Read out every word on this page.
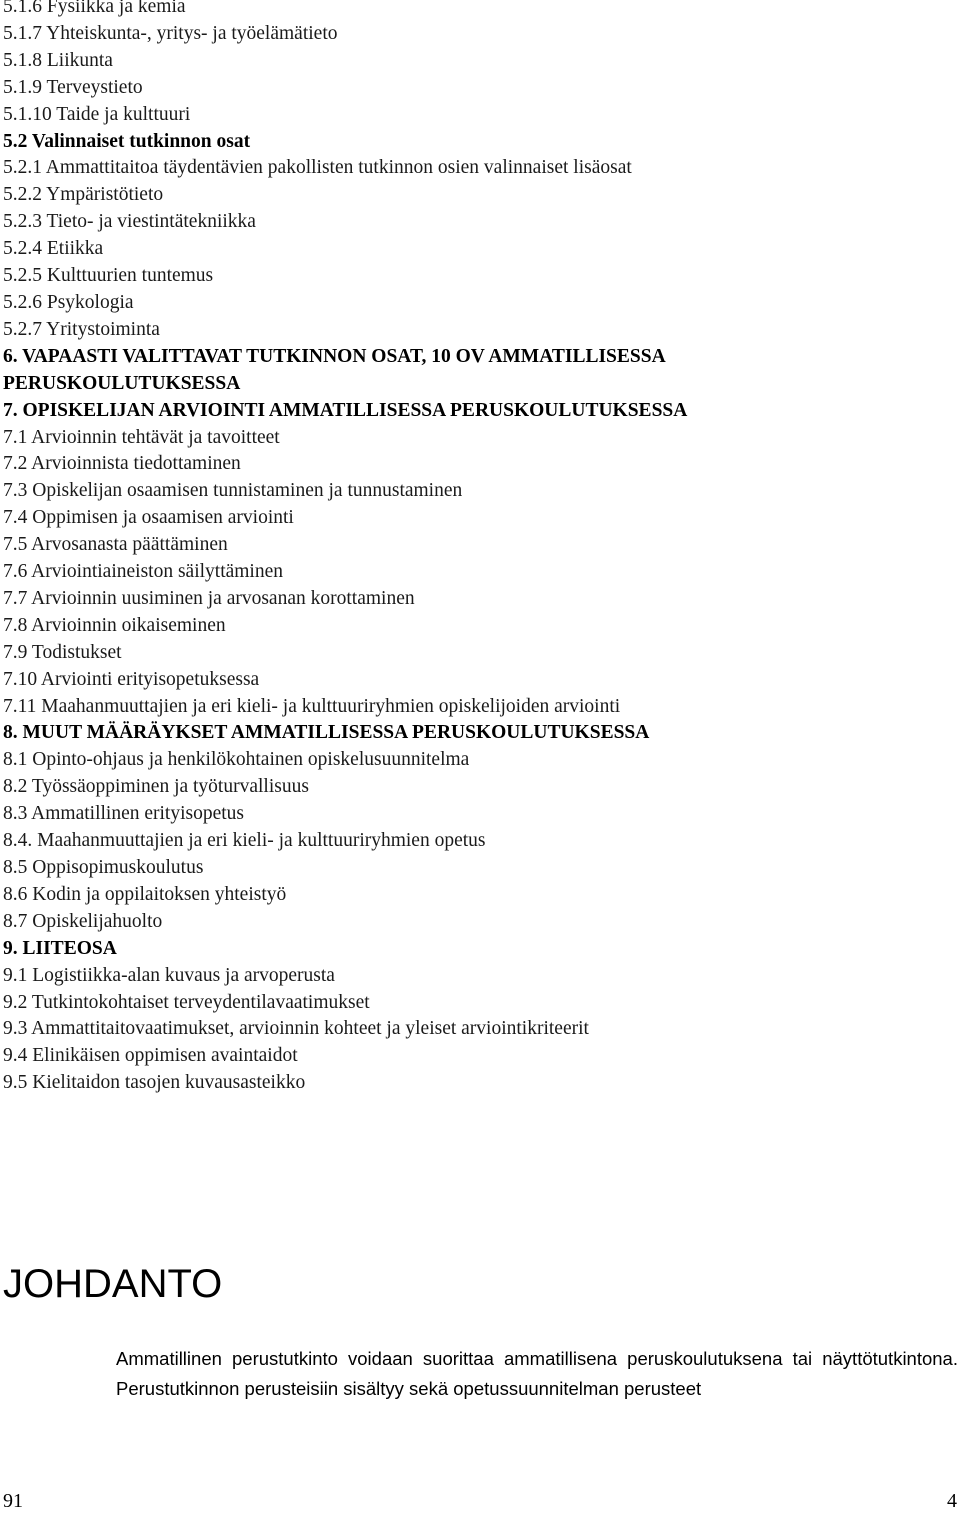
5.1.6 Fysiikka ja kemia
5.1.7 Yhteiskunta-, yritys- ja työelämätieto
5.1.8 Liikunta
5.1.9 Terveystieto
5.1.10 Taide ja kulttuuri
5.2 Valinnaiset tutkinnon osat
5.2.1 Ammattitaitoa täydentävien pakollisten tutkinnon osien valinnaiset lisäosat
5.2.2 Ympäristötieto
5.2.3 Tieto- ja viestintätekniikka
5.2.4 Etiikka
5.2.5 Kulttuurien tuntemus
5.2.6 Psykologia
5.2.7 Yritystoiminta
6. VAPAASTI VALITTAVAT TUTKINNON OSAT, 10 OV AMMATILLISESSA PERUSKOULUTUKSESSA
7. OPISKELIJAN ARVIOINTI AMMATILLISESSA PERUSKOULUTUKSESSA
7.1 Arvioinnin tehtävät ja tavoitteet
7.2 Arvioinnista tiedottaminen
7.3 Opiskelijan osaamisen tunnistaminen ja tunnustaminen
7.4 Oppimisen ja osaamisen arviointi
7.5 Arvosanasta päättäminen
7.6 Arviointiaineiston säilyttäminen
7.7 Arvioinnin uusiminen ja arvosanan korottaminen
7.8 Arvioinnin oikaiseminen
7.9 Todistukset
7.10 Arviointi erityisopetuksessa
7.11 Maahanmuuttajien ja eri kieli- ja kulttuuriryhmien opiskelijoiden arviointi
8. MUUT MÄÄRÄYKSET AMMATILLISESSA PERUSKOULUTUKSESSA
8.1 Opinto-ohjaus ja henkilökohtainen opiskelusuunnitelma
8.2 Työssäoppiminen ja työturvallisuus
8.3 Ammatillinen erityisopetus
8.4. Maahanmuuttajien ja eri kieli- ja kulttuuriryhmien opetus
8.5 Oppisopimuskoulutus
8.6 Kodin ja oppilaitoksen yhteistyö
8.7 Opiskelijahuolto
9. LIITEOSA
9.1 Logistiikka-alan kuvaus ja arvoperusta
9.2 Tutkintokohtaiset terveydentilavaatimukset
9.3 Ammattitaitovaatimukset, arvioinnin kohteet ja yleiset arviointikriteerit
9.4 Elinikäisen oppimisen avaintaidot
9.5 Kielitaidon tasojen kuvausasteikko
JOHDANTO

Ammatillinen perustutkinto voidaan suorittaa ammatillisena peruskoulutuksena tai näyttötutkintona. Perustutkinnon perusteisiin sisältyy sekä opetussuunnitelman perusteet

91	4
